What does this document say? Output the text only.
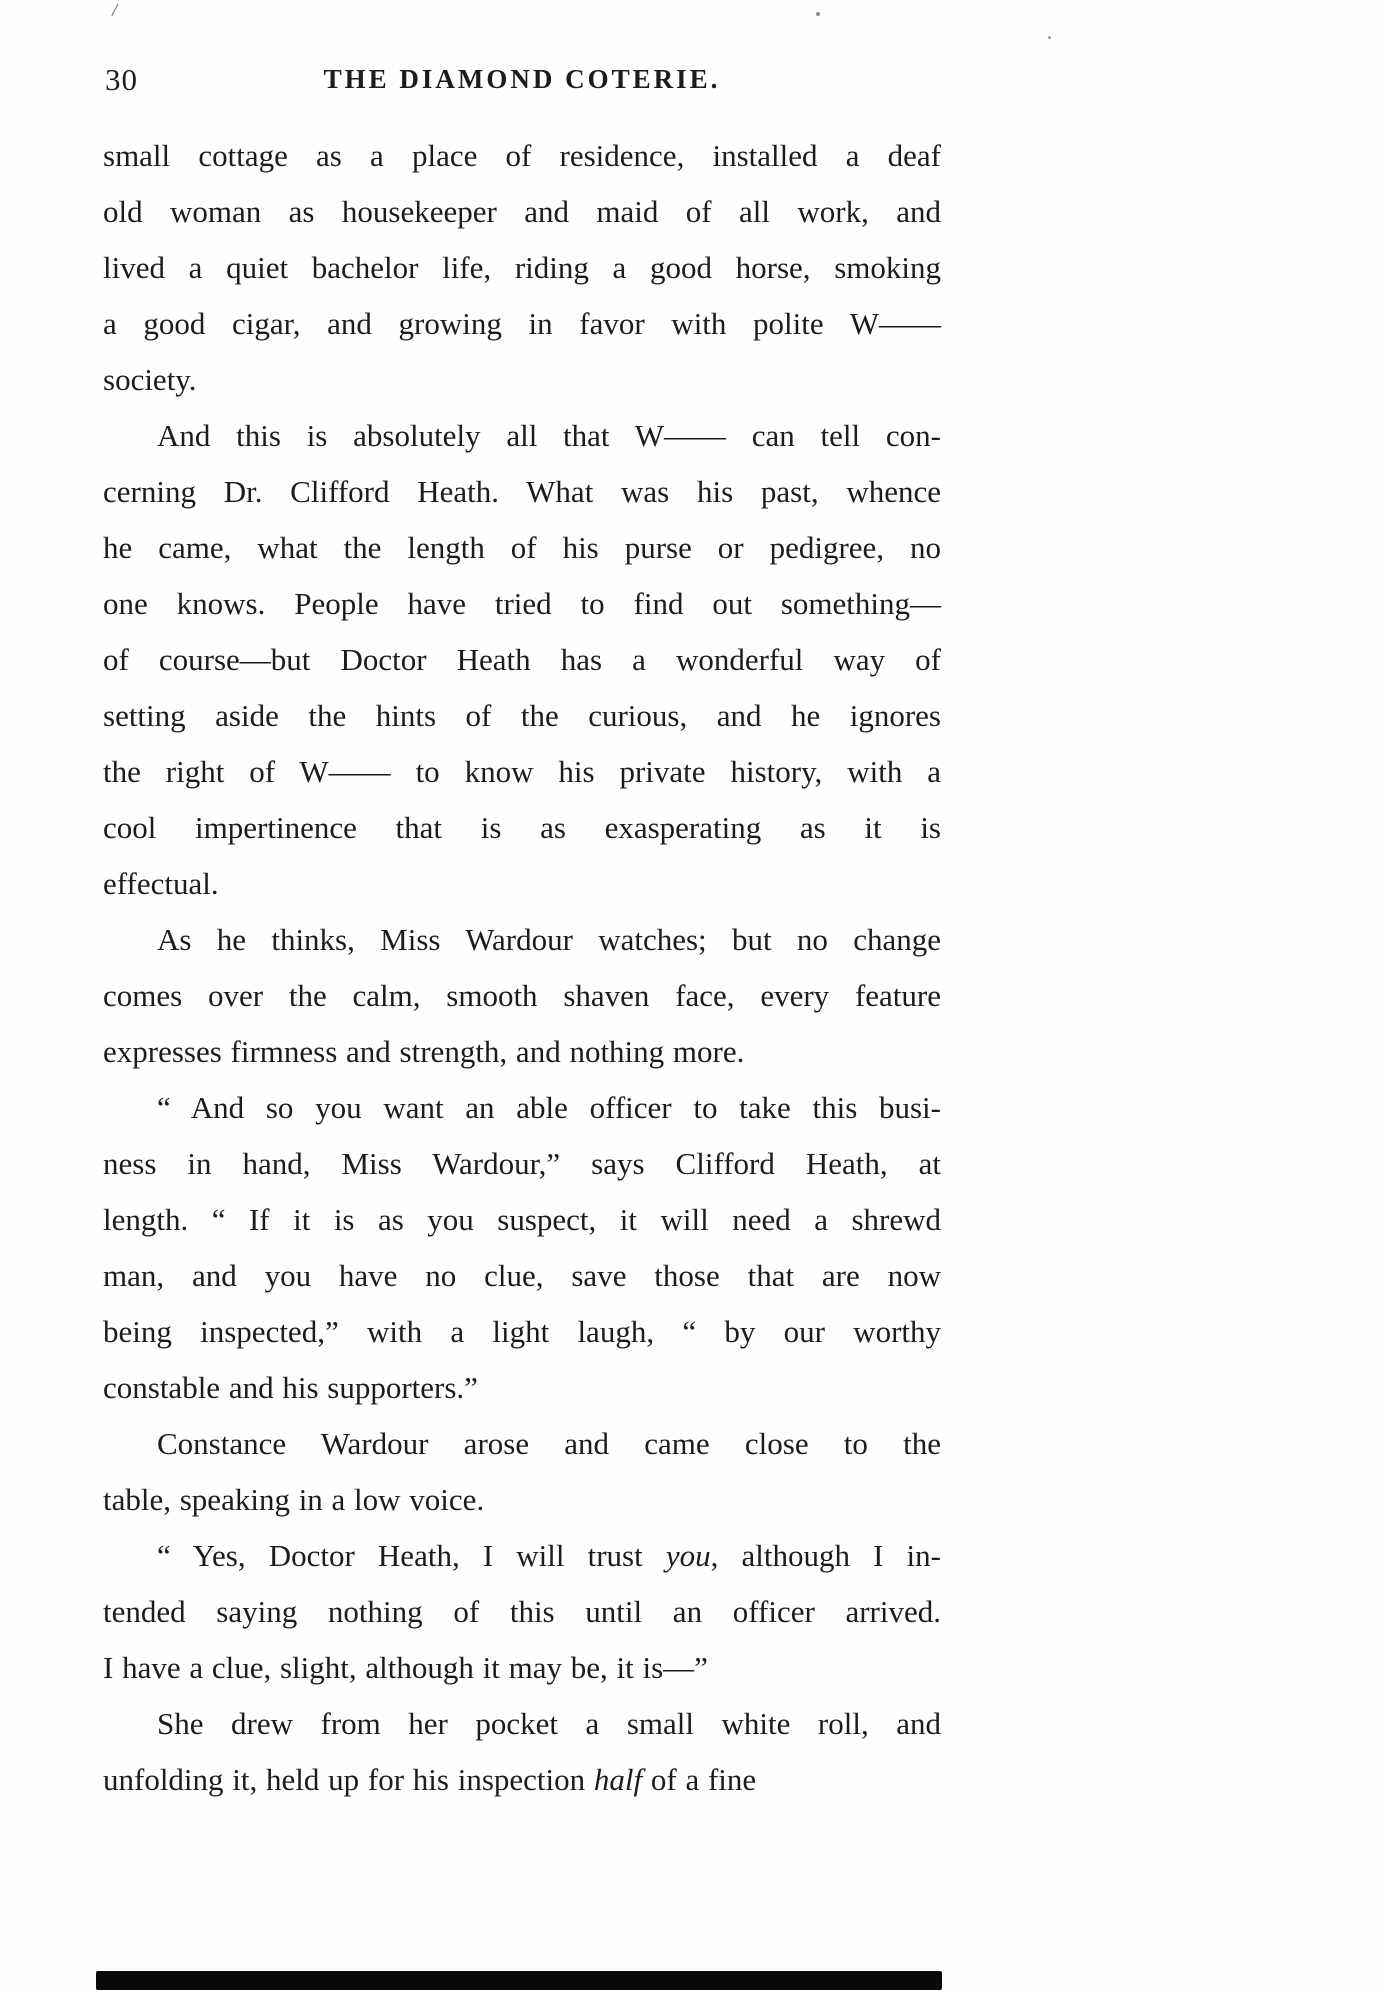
/
30	THE DIAMOND COTERIE.
small cottage as a place of residence, installed a deaf
old woman as housekeeper and maid of all work, and
lived a quiet bachelor life, riding a good horse, smoking
a good cigar, and growing in favor with polite W——
society.
And this is absolutely all that W—— can tell con-
cerning Dr. Clifford Heath. What was his past, whence
he came, what the length of his purse or pedigree, no
one knows. People have tried to find out something—
of course—but Doctor Heath has a wonderful way of
setting aside the hints of the curious, and he ignores
the right of W—— to know his private history, with a
cool impertinence that is as exasperating as it is
effectual.
As he thinks, Miss Wardour watches; but no change
comes over the calm, smooth shaven face, every feature
expresses firmness and strength, and nothing more.
“ And so you want an able officer to take this busi-
ness in hand, Miss Wardour,” says Clifford Heath, at
length. “ If it is as you suspect, it will need a shrewd
man, and you have no clue, save those that are now
being inspected,” with a light laugh, “ by our worthy
constable and his supporters.”
Constance Wardour arose and came close to the
table, speaking in a low voice.
“ Yes, Doctor Heath, I will trust you, although I in-
tended saying nothing of this until an officer arrived.
I have a clue, slight, although it may be, it is—”
She drew from her pocket a small white roll, and
unfolding it, held up for his inspection half of a fine
